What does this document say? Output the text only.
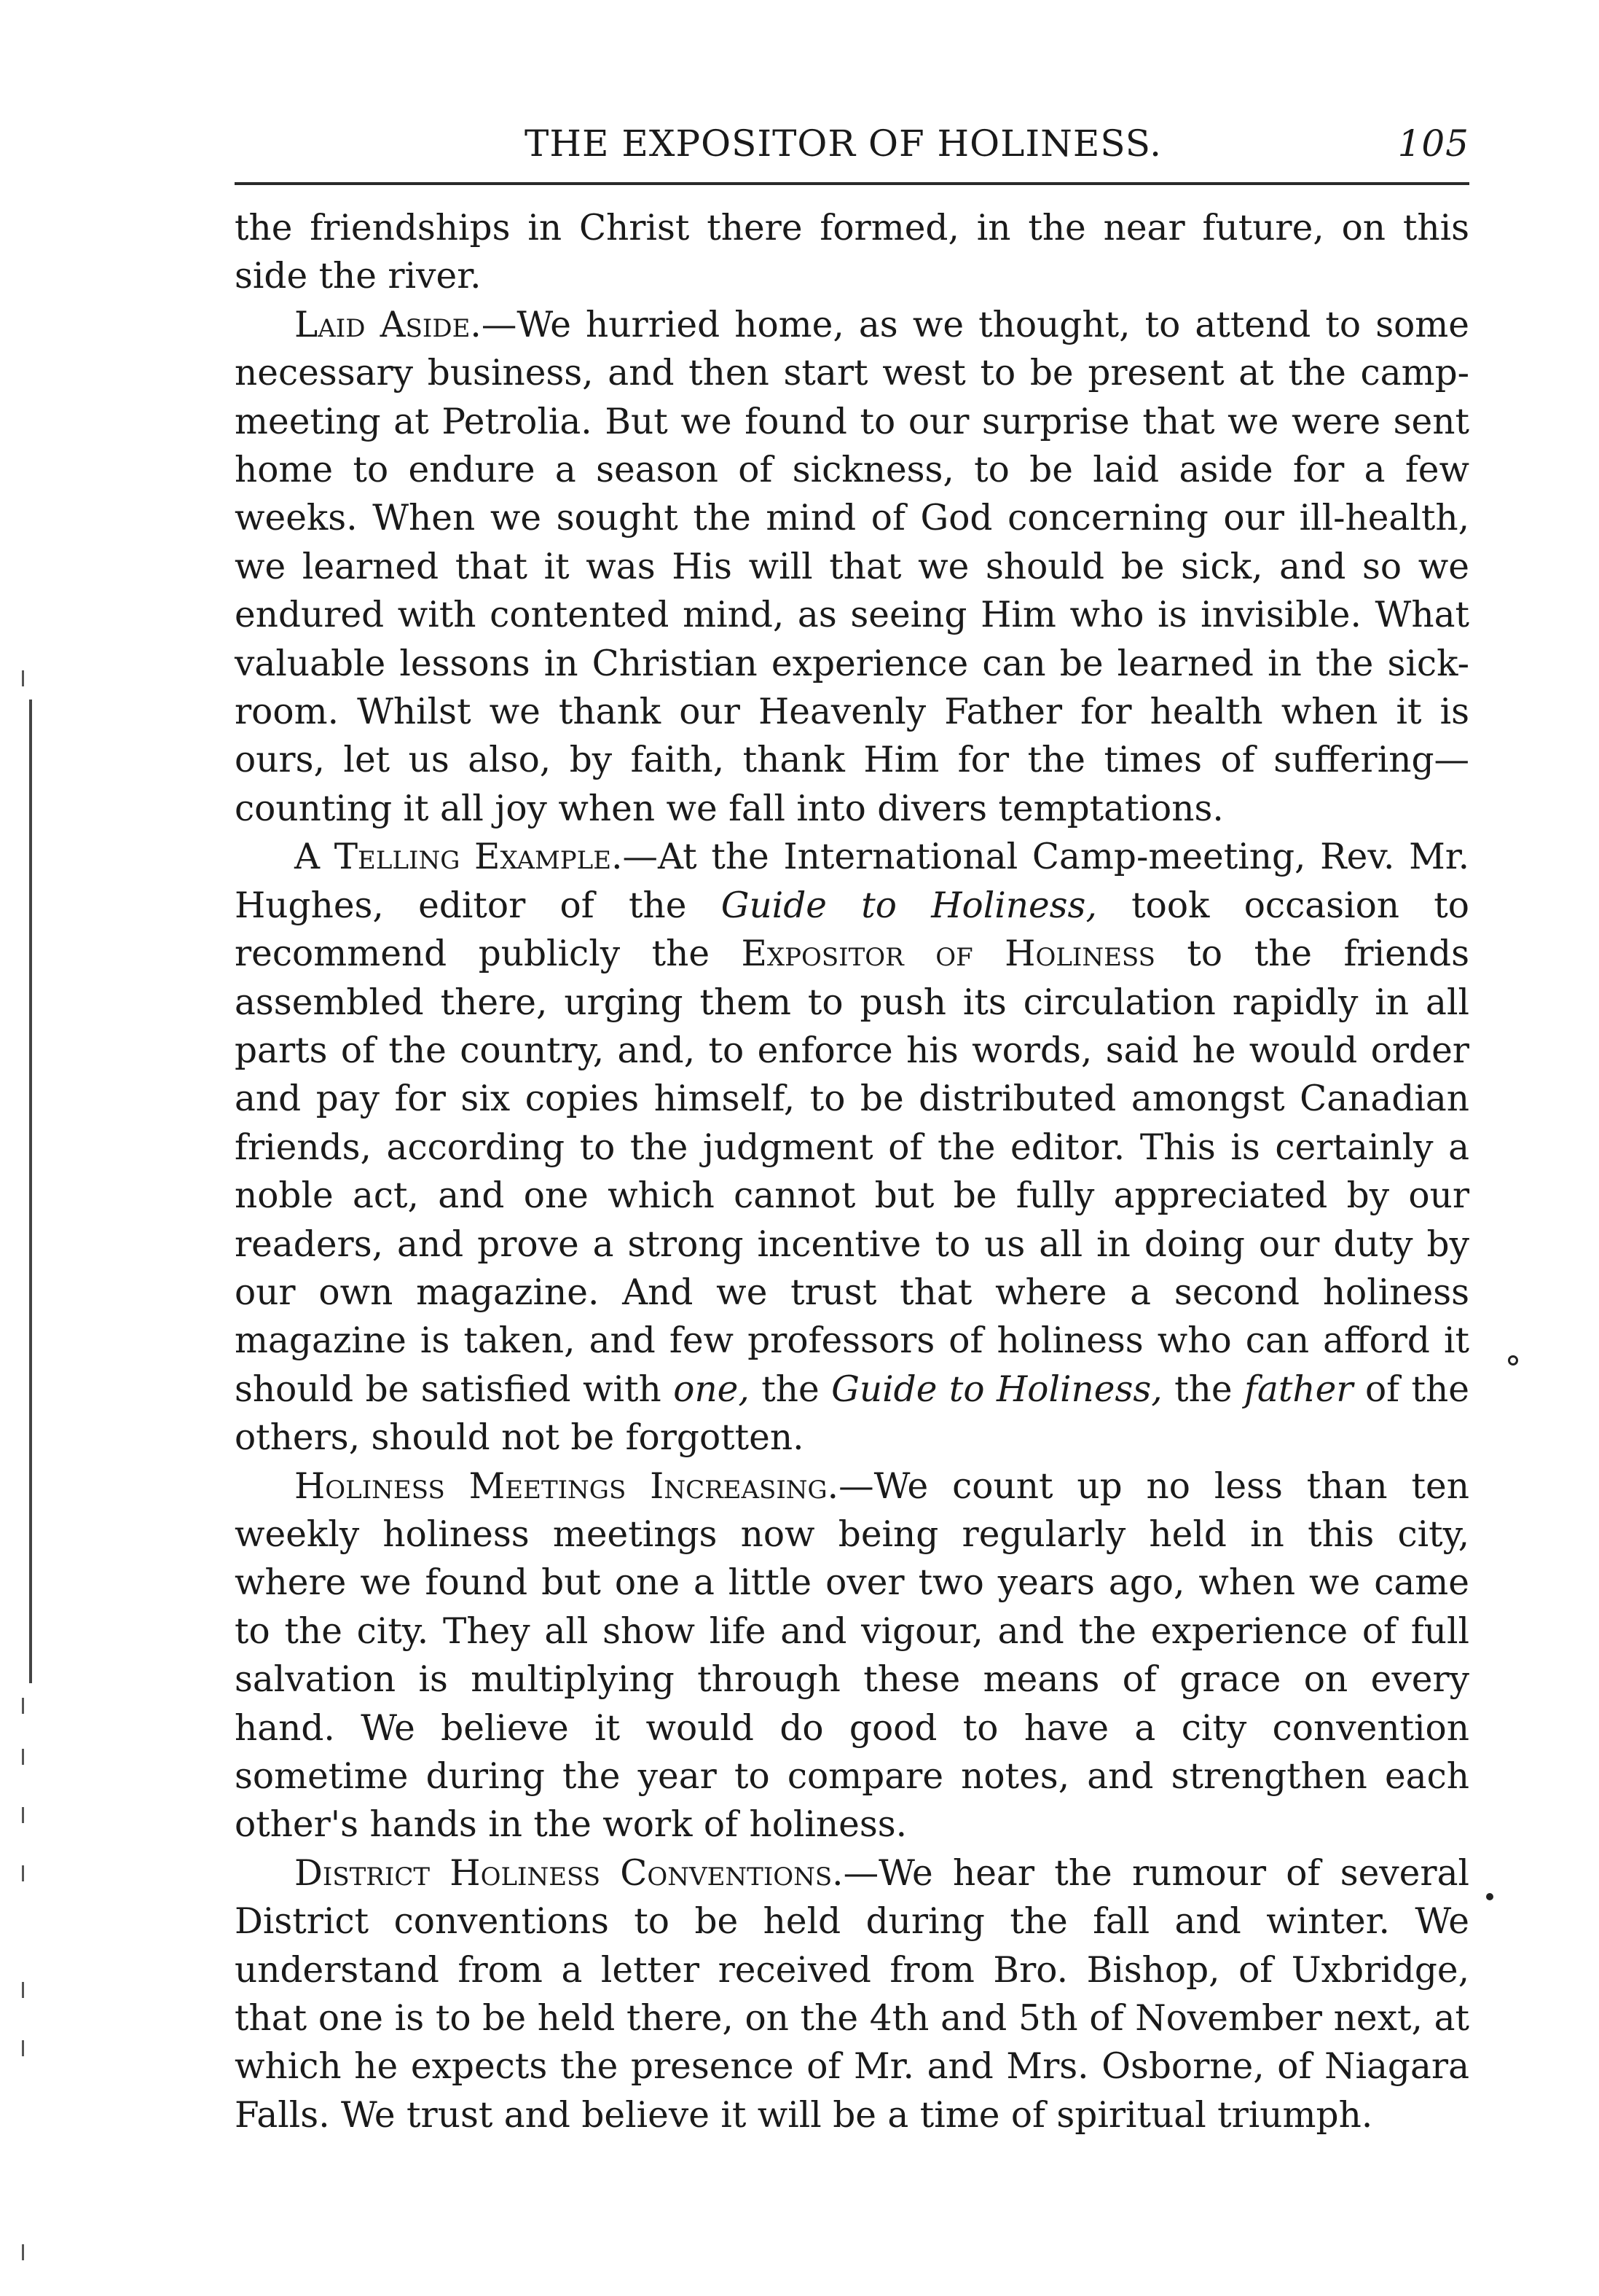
THE EXPOSITOR OF HOLINESS.	105

the friendships in Christ there formed, in the near future, on this side the river.

Laid Aside.—We hurried home, as we thought, to attend to some necessary business, and then start west to be present at the camp-meeting at Petrolia. But we found to our surprise that we were sent home to endure a season of sickness, to be laid aside for a few weeks. When we sought the mind of God concerning our ill-health, we learned that it was His will that we should be sick, and so we endured with contented mind, as seeing Him who is invisible. What valuable lessons in Christian experience can be learned in the sick-room. Whilst we thank our Heavenly Father for health when it is ours, let us also, by faith, thank Him for the times of suffering—counting it all joy when we fall into divers temptations.

A Telling Example.—At the International Camp-meeting, Rev. Mr. Hughes, editor of the Guide to Holiness, took occasion to recommend publicly the Expositor of Holiness to the friends assembled there, urging them to push its circulation rapidly in all parts of the country, and, to enforce his words, said he would order and pay for six copies himself, to be distributed amongst Canadian friends, according to the judgment of the editor. This is certainly a noble act, and one which cannot but be fully appreciated by our readers, and prove a strong incentive to us all in doing our duty by our own magazine. And we trust that where a second holiness magazine is taken, and few professors of holiness who can afford it should be satisfied with one, the Guide to Holiness, the father of the others, should not be forgotten.

Holiness Meetings Increasing.—We count up no less than ten weekly holiness meetings now being regularly held in this city, where we found but one a little over two years ago, when we came to the city. They all show life and vigour, and the experience of full salvation is multiplying through these means of grace on every hand. We believe it would do good to have a city convention sometime during the year to compare notes, and strengthen each other's hands in the work of holiness.

District Holiness Conventions.—We hear the rumour of several District conventions to be held during the fall and winter. We understand from a letter received from Bro. Bishop, of Uxbridge, that one is to be held there, on the 4th and 5th of November next, at which he expects the presence of Mr. and Mrs. Osborne, of Niagara Falls. We trust and believe it will be a time of spiritual triumph.
